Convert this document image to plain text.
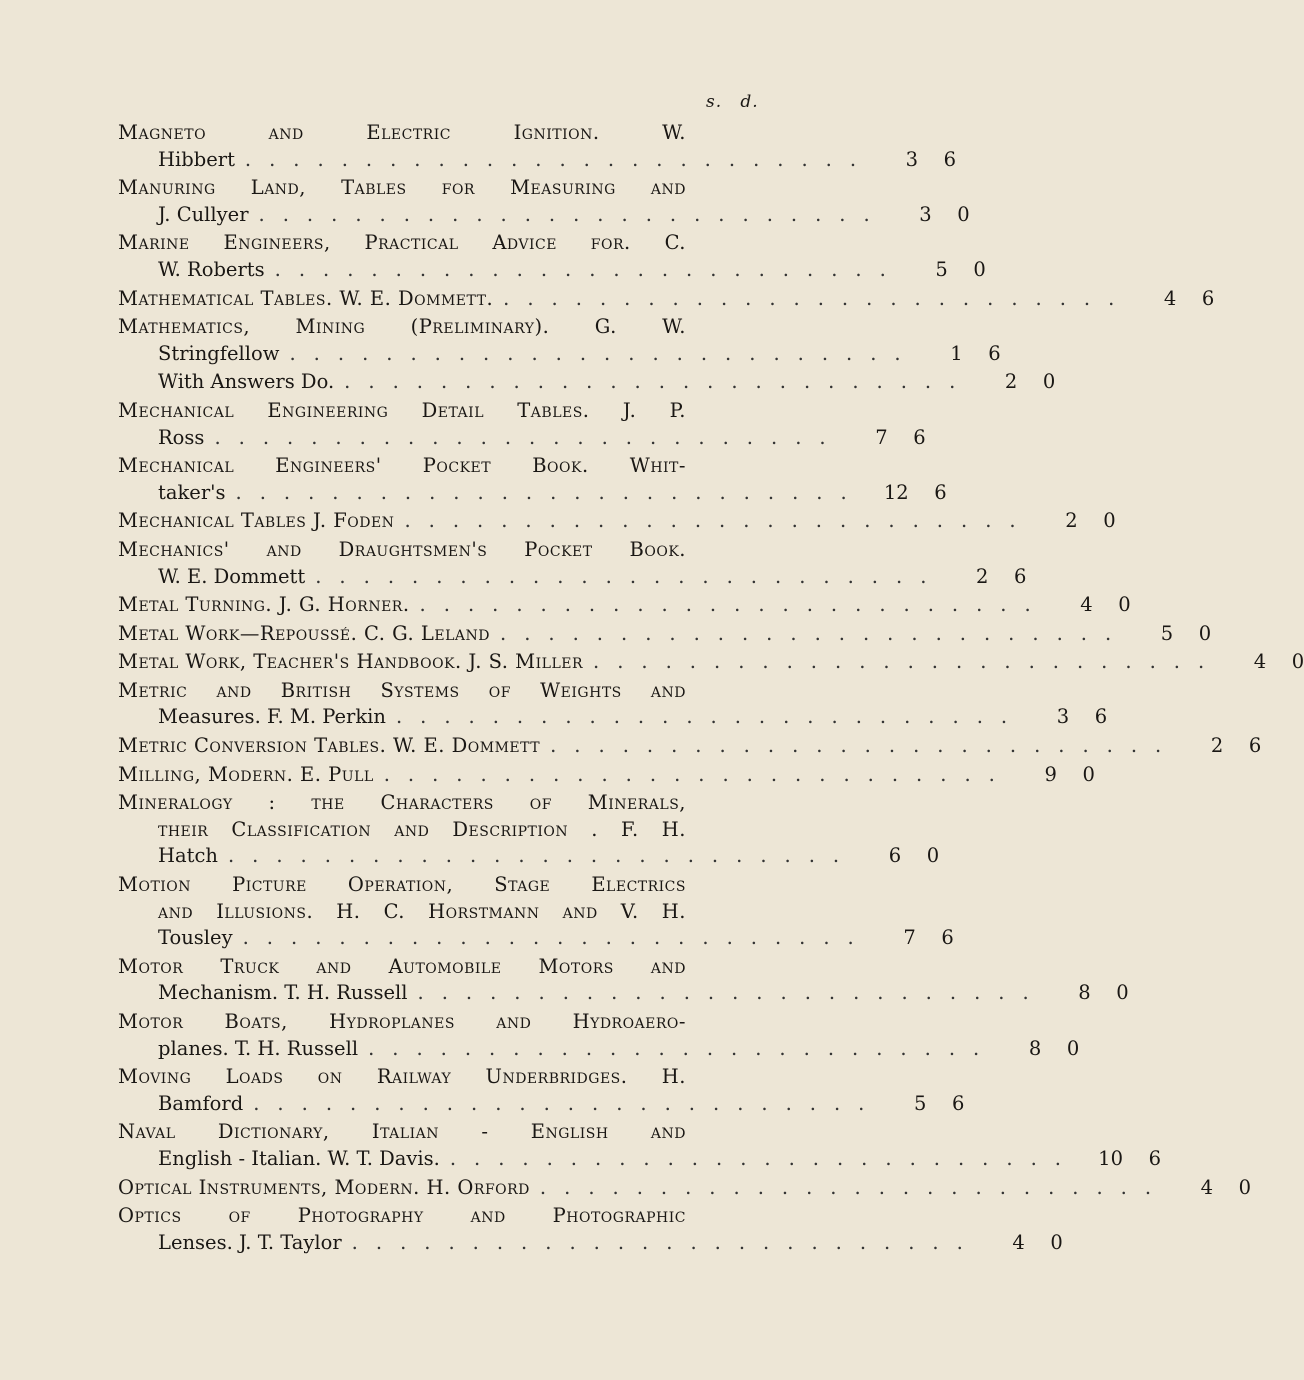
s. d.
Magneto and Electric Ignition. W.
Hibbert ..........................	3	6
Manuring Land, Tables for Measuring and
J. Cullyer ..........................	3	0
Marine Engineers, Practical Advice for. C.
W. Roberts ..........................	5	0
Mathematical Tables. W. E. Dommett. ..........................	4	6
Mathematics, Mining (Preliminary). G. W.
Stringfellow ..........................	1	6
With Answers Do. ..........................	2	0
Mechanical Engineering Detail Tables. J. P.
Ross ..........................	7	6
Mechanical Engineers' Pocket Book. Whit-
taker's .......................... 12	6
Mechanical Tables J. Foden ..........................	2	0
Mechanics' and Draughtsmen's Pocket Book.
W. E. Dommett ..........................	2	6
Metal Turning. J. G. Horner. ..........................	4	0
Metal Work—Repoussé. C. G. Leland ..........................	5	0
Metal Work, Teacher's Handbook. J. S. Miller ..........................	4	0
Metric and British Systems of Weights and
Measures. F. M. Perkin ..........................	3	6
Metric Conversion Tables. W. E. Dommett ..........................	2	6
Milling, Modern. E. Pull ..........................	9	0
Mineralogy : the Characters of Minerals,
their Classification and Description . F. H.
Hatch ..........................	6	0
Motion Picture Operation, Stage Electrics
and Illusions. H. C. Horstmann and V. H.
Tousley ..........................	7	6
Motor Truck and Automobile Motors and
Mechanism. T. H. Russell ..........................	8	0
Motor Boats, Hydroplanes and Hydroaero-
planes. T. H. Russell ..........................	8	0
Moving Loads on Railway Underbridges. H.
Bamford ..........................	5	6
Naval Dictionary, Italian - English and
English - Italian. W. T. Davis. .......................... 10	6
Optical Instruments, Modern. H. Orford ..........................	4	0
Optics of Photography and Photographic
Lenses. J. T. Taylor ..........................	4	0
